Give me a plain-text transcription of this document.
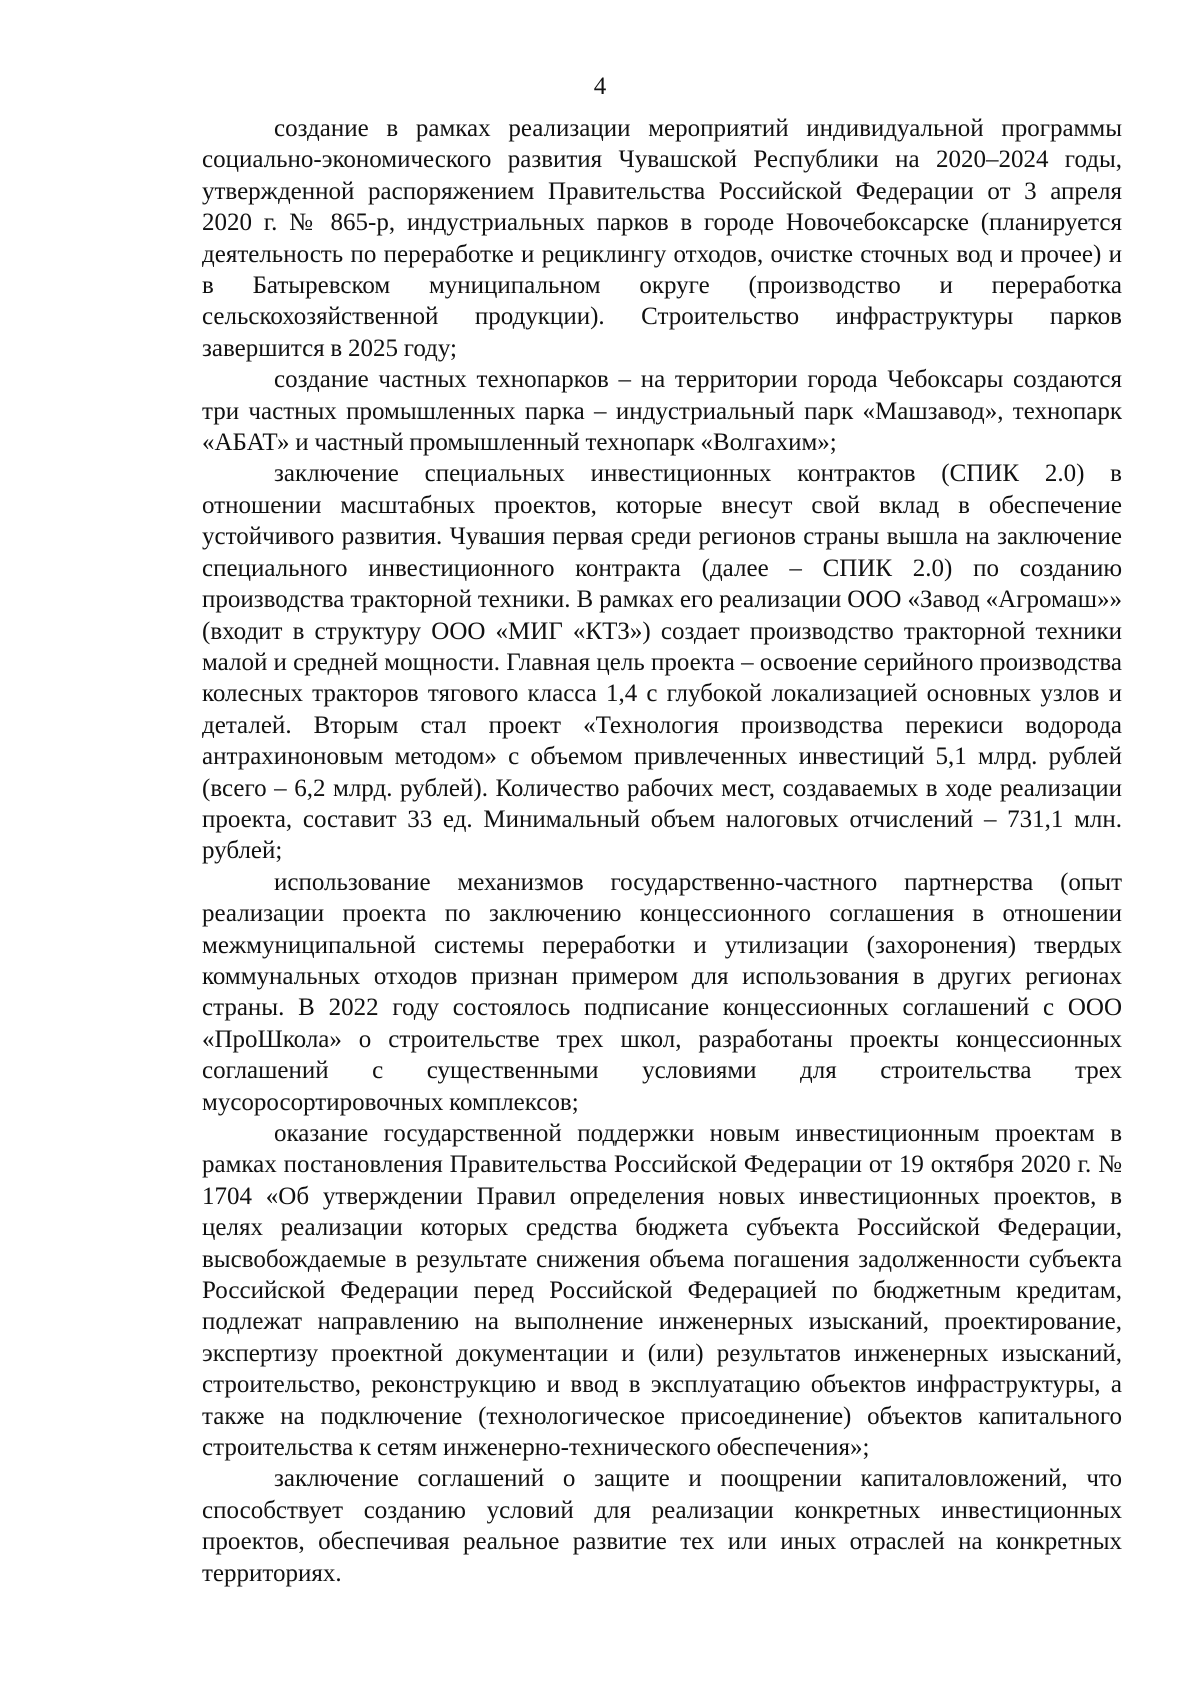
4

создание в рамках реализации мероприятий индивидуальной программы социально-экономического развития Чувашской Республики на 2020–2024 годы, утвержденной распоряжением Правительства Российской Федерации от 3 апреля 2020 г. № 865-р, индустриальных парков в городе Новочебоксарске (планируется деятельность по переработке и рециклингу отходов, очистке сточных вод и прочее) и в Батыревском муниципальном округе (производство и переработка сельскохозяйственной продукции). Строительство инфраструктуры парков завершится в 2025 году;

создание частных технопарков – на территории города Чебоксары создаются три частных промышленных парка – индустриальный парк «Машзавод», технопарк «АБАТ» и частный промышленный технопарк «Волгахим»;

заключение специальных инвестиционных контрактов (СПИК 2.0) в отношении масштабных проектов, которые внесут свой вклад в обеспечение устойчивого развития. Чувашия первая среди регионов страны вышла на заключение специального инвестиционного контракта (далее – СПИК 2.0) по созданию производства тракторной техники. В рамках его реализации ООО «Завод «Агромаш»» (входит в структуру ООО «МИГ «КТЗ») создает производство тракторной техники малой и средней мощности. Главная цель проекта – освоение серийного производства колесных тракторов тягового класса 1,4 с глубокой локализацией основных узлов и деталей. Вторым стал проект «Технология производства перекиси водорода антрахиноновым методом» с объемом привлеченных инвестиций 5,1 млрд. рублей (всего – 6,2 млрд. рублей). Количество рабочих мест, создаваемых в ходе реализации проекта, составит 33 ед. Минимальный объем налоговых отчислений – 731,1 млн. рублей;

использование механизмов государственно-частного партнерства (опыт реализации проекта по заключению концессионного соглашения в отношении межмуниципальной системы переработки и утилизации (захоронения) твердых коммунальных отходов признан примером для использования в других регионах страны. В 2022 году состоялось подписание концессионных соглашений с ООО «ПроШкола» о строительстве трех школ, разработаны проекты концессионных соглашений с существенными условиями для строительства трех мусоросортировочных комплексов;

оказание государственной поддержки новым инвестиционным проектам в рамках постановления Правительства Российской Федерации от 19 октября 2020 г. № 1704 «Об утверждении Правил определения новых инвестиционных проектов, в целях реализации которых средства бюджета субъекта Российской Федерации, высвобождаемые в результате снижения объема погашения задолженности субъекта Российской Федерации перед Российской Федерацией по бюджетным кредитам, подлежат направлению на выполнение инженерных изысканий, проектирование, экспертизу проектной документации и (или) результатов инженерных изысканий, строительство, реконструкцию и ввод в эксплуатацию объектов инфраструктуры, а также на подключение (технологическое присоединение) объектов капитального строительства к сетям инженерно-технического обеспечения»;

заключение соглашений о защите и поощрении капиталовложений, что способствует созданию условий для реализации конкретных инвестиционных проектов, обеспечивая реальное развитие тех или иных отраслей на конкретных территориях.
